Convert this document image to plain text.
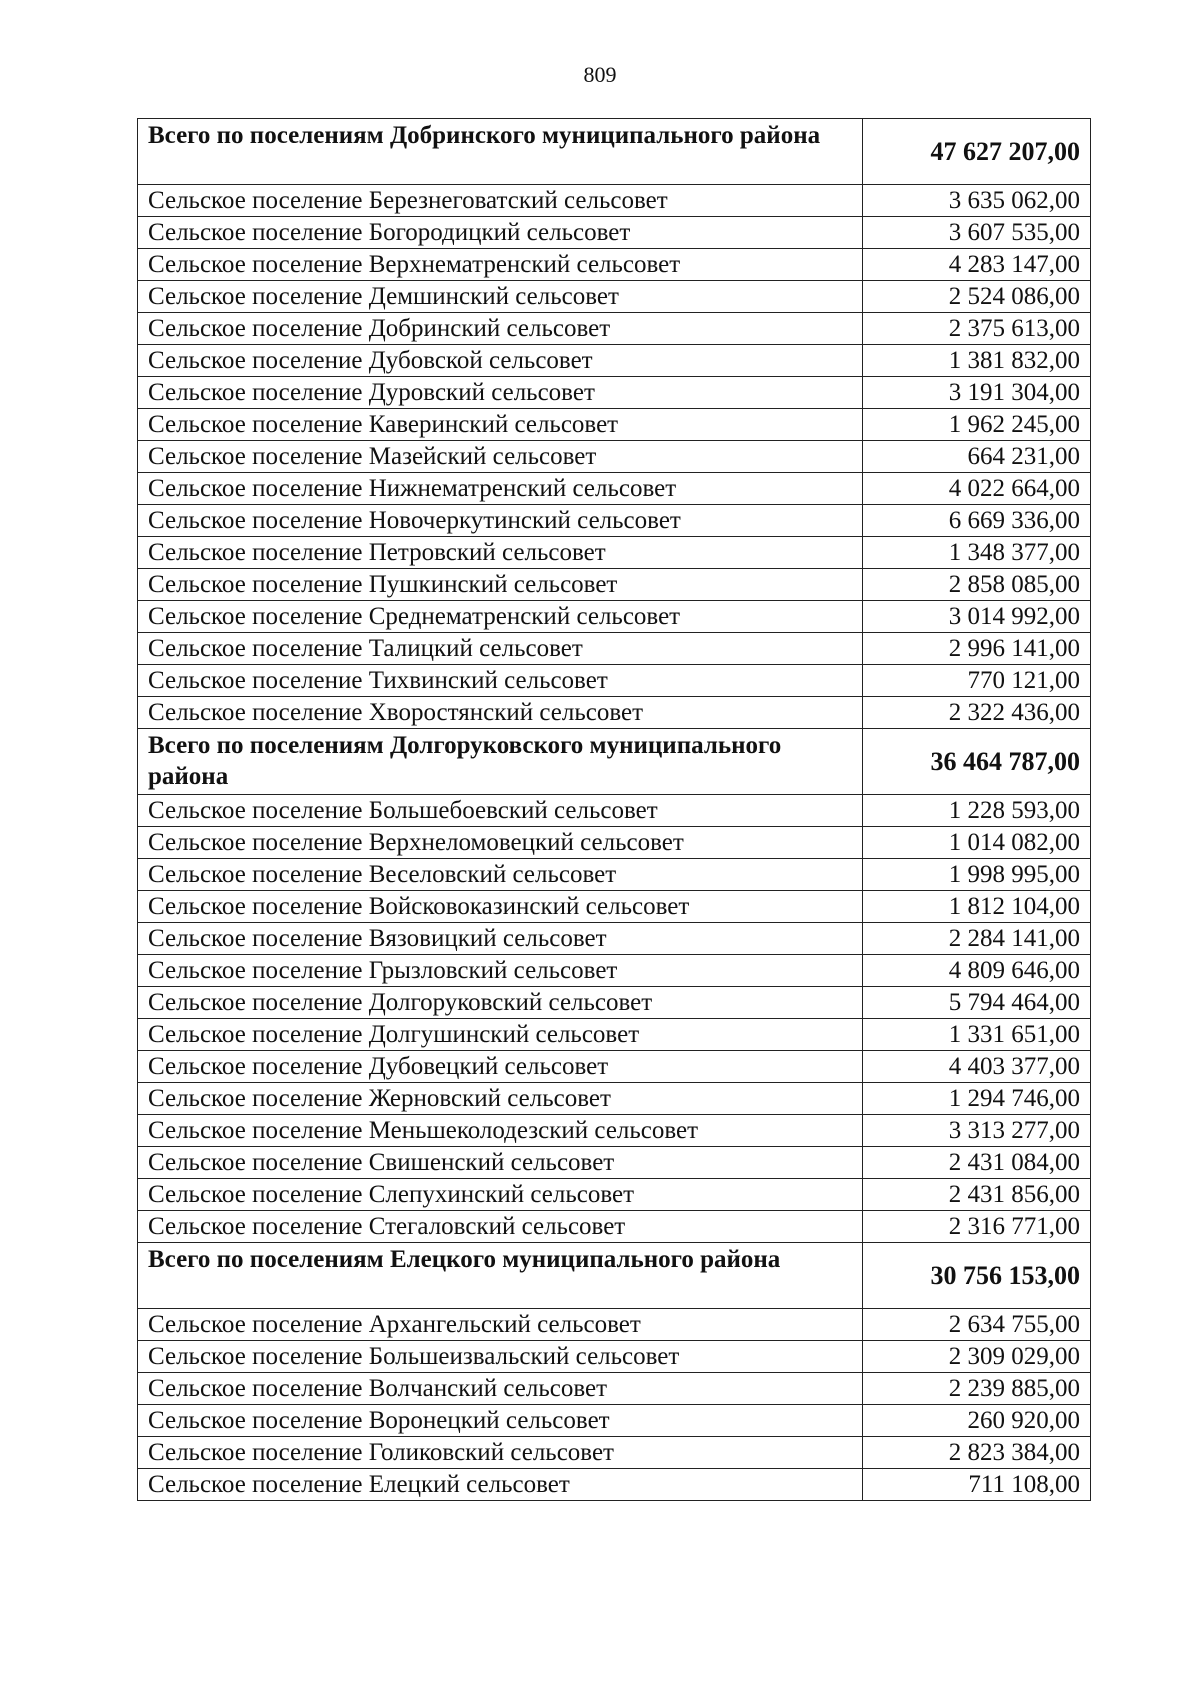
809
Всего по поселениям Добринского муниципального района	47 627 207,00
Сельское поселение Березнеговатский сельсовет	3 635 062,00
Сельское поселение Богородицкий сельсовет	3 607 535,00
Сельское поселение Верхнематренский сельсовет	4 283 147,00
Сельское поселение Демшинский сельсовет	2 524 086,00
Сельское поселение Добринский сельсовет	2 375 613,00
Сельское поселение Дубовской сельсовет	1 381 832,00
Сельское поселение Дуровский сельсовет	3 191 304,00
Сельское поселение Каверинский сельсовет	1 962 245,00
Сельское поселение Мазейский сельсовет	664 231,00
Сельское поселение Нижнематренский сельсовет	4 022 664,00
Сельское поселение Новочеркутинский сельсовет	6 669 336,00
Сельское поселение Петровский сельсовет	1 348 377,00
Сельское поселение Пушкинский сельсовет	2 858 085,00
Сельское поселение Среднематренский сельсовет	3 014 992,00
Сельское поселение Талицкий сельсовет	2 996 141,00
Сельское поселение Тихвинский сельсовет	770 121,00
Сельское поселение Хворостянский сельсовет	2 322 436,00
Всего по поселениям Долгоруковского муниципального района	36 464 787,00
Сельское поселение Большебоевский сельсовет	1 228 593,00
Сельское поселение Верхнеломовецкий сельсовет	1 014 082,00
Сельское поселение Веселовский сельсовет	1 998 995,00
Сельское поселение Войсковоказинский сельсовет	1 812 104,00
Сельское поселение Вязовицкий сельсовет	2 284 141,00
Сельское поселение Грызловский сельсовет	4 809 646,00
Сельское поселение Долгоруковский сельсовет	5 794 464,00
Сельское поселение Долгушинский сельсовет	1 331 651,00
Сельское поселение Дубовецкий сельсовет	4 403 377,00
Сельское поселение Жерновский сельсовет	1 294 746,00
Сельское поселение Меньшеколодезский сельсовет	3 313 277,00
Сельское поселение Свишенский сельсовет	2 431 084,00
Сельское поселение Слепухинский сельсовет	2 431 856,00
Сельское поселение Стегаловский сельсовет	2 316 771,00
Всего по поселениям Елецкого муниципального района	30 756 153,00
Сельское поселение Архангельский сельсовет	2 634 755,00
Сельское поселение Большеизвальский сельсовет	2 309 029,00
Сельское поселение Волчанский сельсовет	2 239 885,00
Сельское поселение Воронецкий сельсовет	260 920,00
Сельское поселение Голиковский сельсовет	2 823 384,00
Сельское поселение Елецкий сельсовет	711 108,00
